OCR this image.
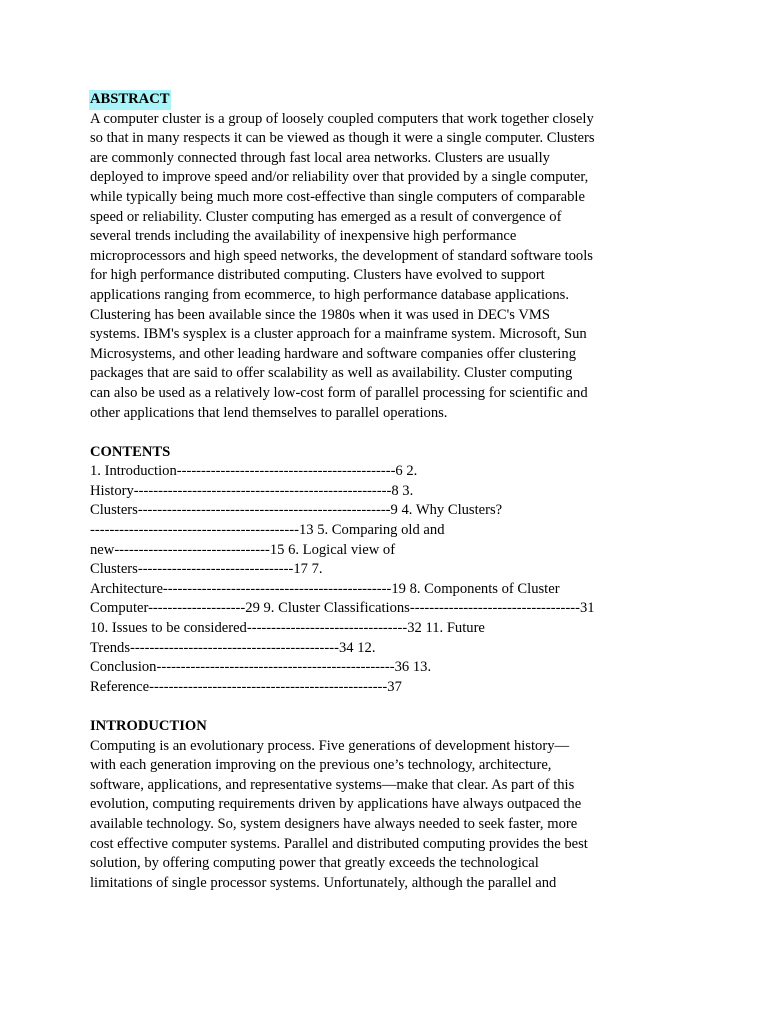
ABSTRACT
A computer cluster is a group of loosely coupled computers that work together closely
so that in many respects it can be viewed as though it were a single computer. Clusters
are commonly connected through fast local area networks. Clusters are usually
deployed to improve speed and/or reliability over that provided by a single computer,
while typically being much more cost-effective than single computers of comparable
speed or reliability. Cluster computing has emerged as a result of convergence of
several trends including the availability of inexpensive high performance
microprocessors and high speed networks, the development of standard software tools
for high performance distributed computing. Clusters have evolved to support
applications ranging from ecommerce, to high performance database applications.
Clustering has been available since the 1980s when it was used in DEC's VMS
systems. IBM's sysplex is a cluster approach for a mainframe system. Microsoft, Sun
Microsystems, and other leading hardware and software companies offer clustering
packages that are said to offer scalability as well as availability. Cluster computing
can also be used as a relatively low-cost form of parallel processing for scientific and
other applications that lend themselves to parallel operations.
CONTENTS
1. Introduction---------------------------------------------6 2.
History-----------------------------------------------------8 3.
Clusters----------------------------------------------------9 4. Why Clusters?
-------------------------------------------13 5. Comparing old and
new--------------------------------15 6. Logical view of
Clusters--------------------------------17 7.
Architecture-----------------------------------------------19 8. Components of Cluster
Computer--------------------29 9. Cluster Classifications-----------------------------------31
10. Issues to be considered---------------------------------32 11. Future
Trends-------------------------------------------34 12.
Conclusion-------------------------------------------------36 13.
Reference-------------------------------------------------37
INTRODUCTION
Computing is an evolutionary process. Five generations of development history—
with each generation improving on the previous one’s technology, architecture,
software, applications, and representative systems—make that clear. As part of this
evolution, computing requirements driven by applications have always outpaced the
available technology. So, system designers have always needed to seek faster, more
cost effective computer systems. Parallel and distributed computing provides the best
solution, by offering computing power that greatly exceeds the technological
limitations of single processor systems. Unfortunately, although the parallel and
